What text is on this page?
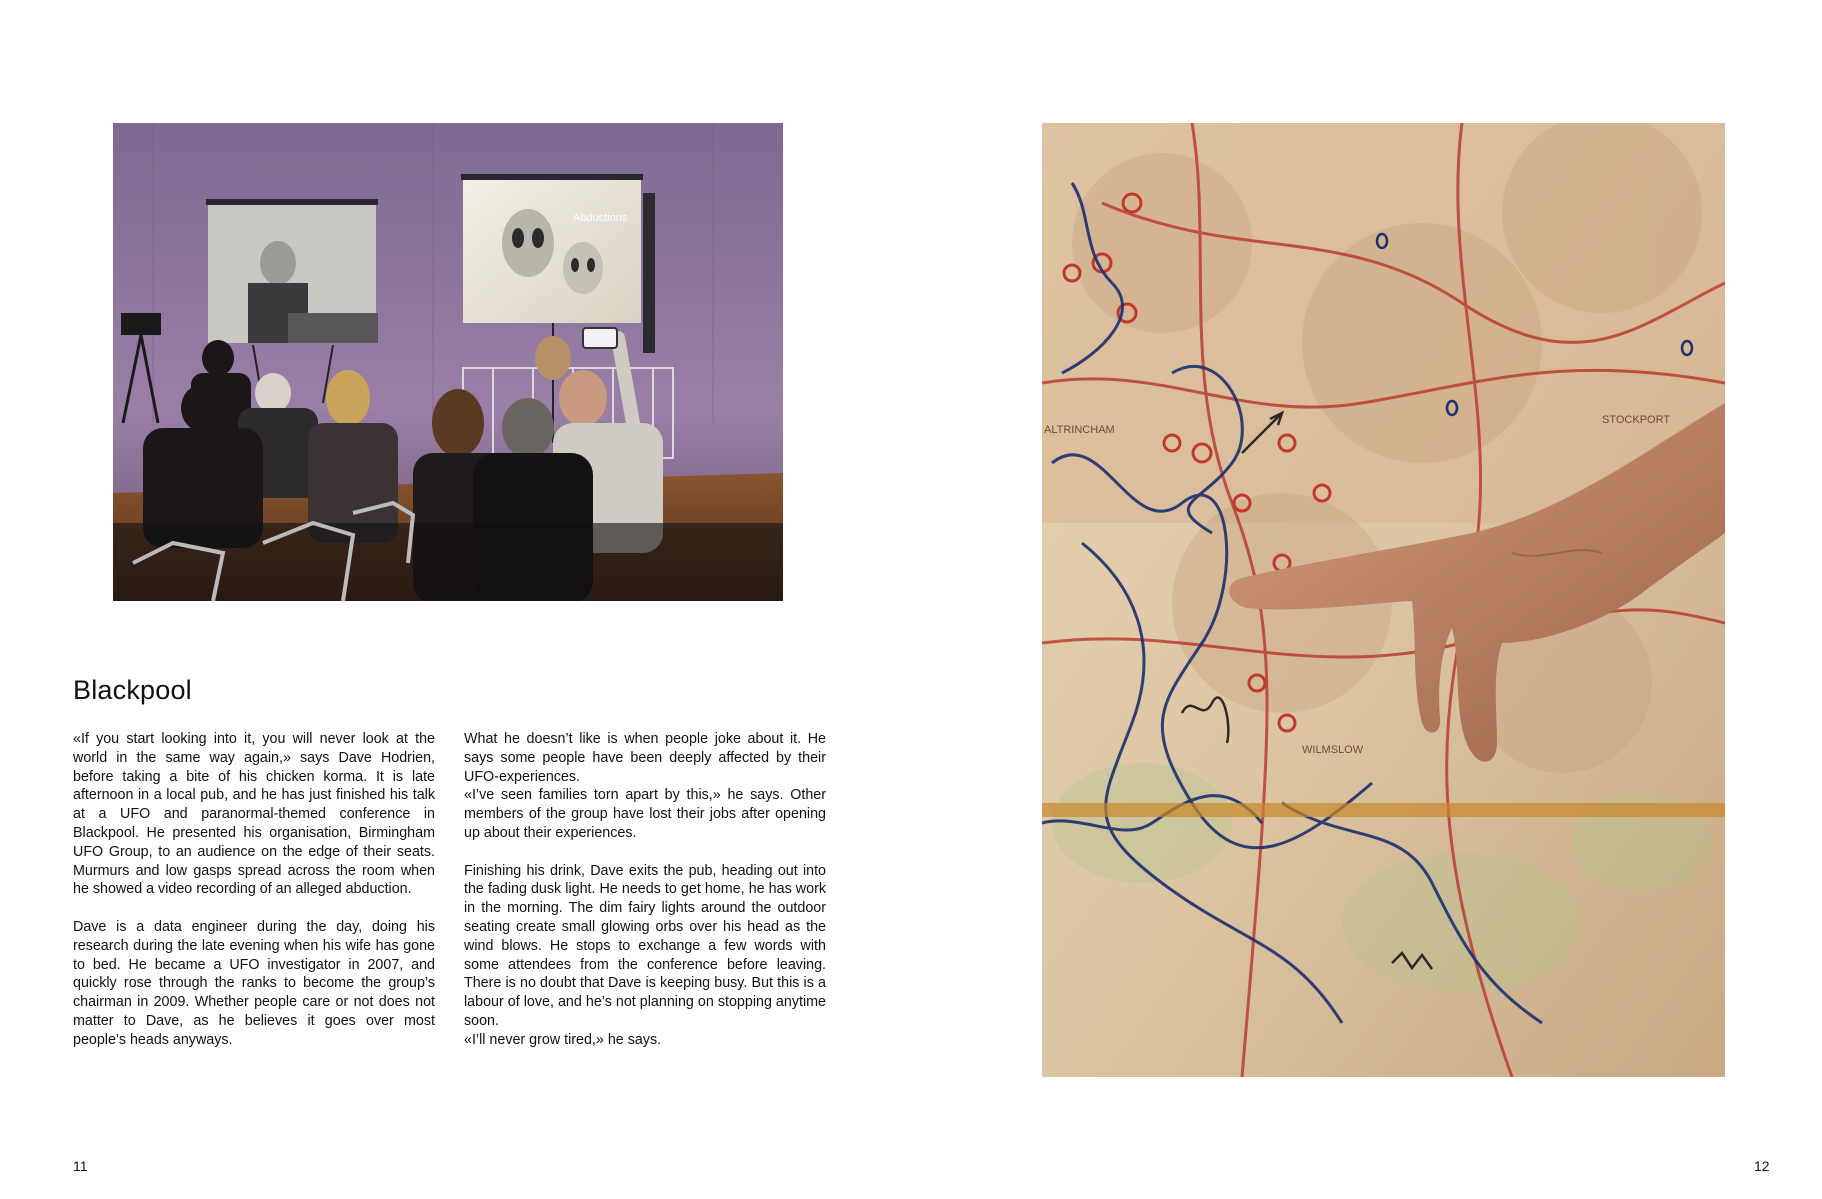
Abductions
ALTRINCHAM
WILMSLOW
STOCKPORT
Blackpool

«If you start looking into it, you will never look at the world in the same way again,» says Dave Hodrien, before taking a bite of his chicken korma. It is late afternoon in a local pub, and he has just finished his talk at a UFO and paranormal-themed conference in Blackpool. He presented his organisation, Birmingham UFO Group, to an audience on the edge of their seats. Murmurs and low gasps spread across the room when he showed a video recording of an alleged abduction.

Dave is a data engineer during the day, doing his research during the late evening when his wife has gone to bed. He became a UFO investigator in 2007, and quickly rose through the ranks to become the group’s chairman in 2009. Whether people care or not does not matter to Dave, as he believes it goes over most people’s heads anyways.

What he doesn’t like is when people joke about it. He says some people have been deeply affected by their UFO-experiences.

«I’ve seen families torn apart by this,» he says. Other members of the group have lost their jobs after opening up about their experiences.

Finishing his drink, Dave exits the pub, heading out into the fading dusk light. He needs to get home, he has work in the morning. The dim fairy lights around the outdoor seating create small glowing orbs over his head as the wind blows. He stops to exchange a few words with some attendees from the conference before leaving. There is no doubt that Dave is keeping busy. But this is a labour of love, and he’s not planning on stopping anytime soon.

«I’ll never grow tired,» he says.

11	12
